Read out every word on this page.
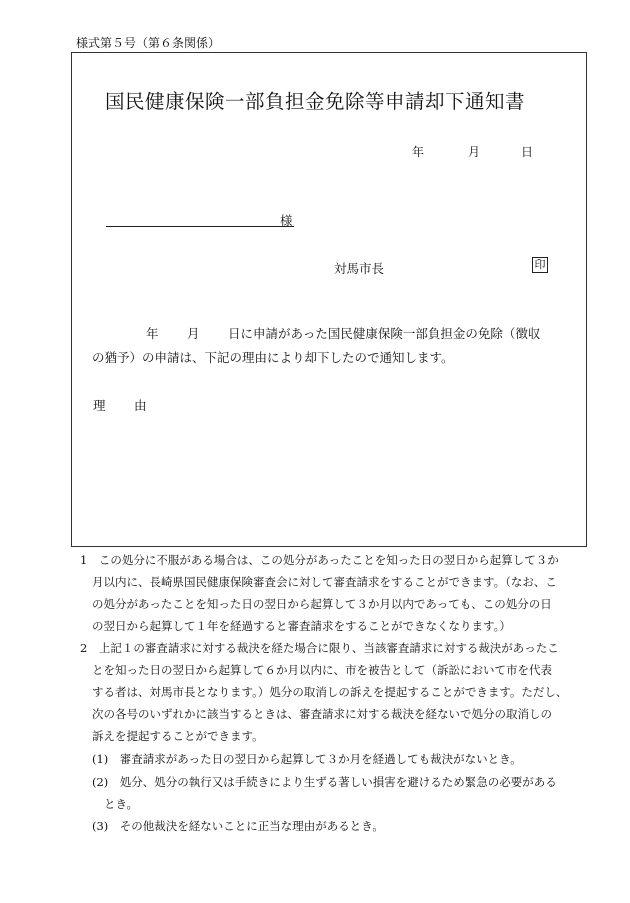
様式第５号（第６条関係）
国民健康保険一部負担金免除等申請却下通知書
年	月	日
様
対馬市長	印
年 月 日に申請があった国民健康保険一部負担金の免除（徴収
の猶予）の申請は、下記の理由により却下したので通知します。
理　由
1　この処分に不服がある場合は、この処分があったことを知った日の翌日から起算して３か
月以内に、長崎県国民健康保険審査会に対して審査請求をすることができます。（なお、こ
の処分があったことを知った日の翌日から起算して３か月以内であっても、この処分の日
の翌日から起算して１年を経過すると審査請求をすることができなくなります。）
2　上記１の審査請求に対する裁決を経た場合に限り、当該審査請求に対する裁決があったこ
とを知った日の翌日から起算して６か月以内に、市を被告として（訴訟において市を代表
する者は、対馬市長となります。）処分の取消しの訴えを提起することができます。ただし、
次の各号のいずれかに該当するときは、審査請求に対する裁決を経ないで処分の取消しの
訴えを提起することができます。
(1)　審査請求があった日の翌日から起算して３か月を経過しても裁決がないとき。
(2)　処分、処分の執行又は手続きにより生ずる著しい損害を避けるため緊急の必要がある
とき。
(3)　その他裁決を経ないことに正当な理由があるとき。
